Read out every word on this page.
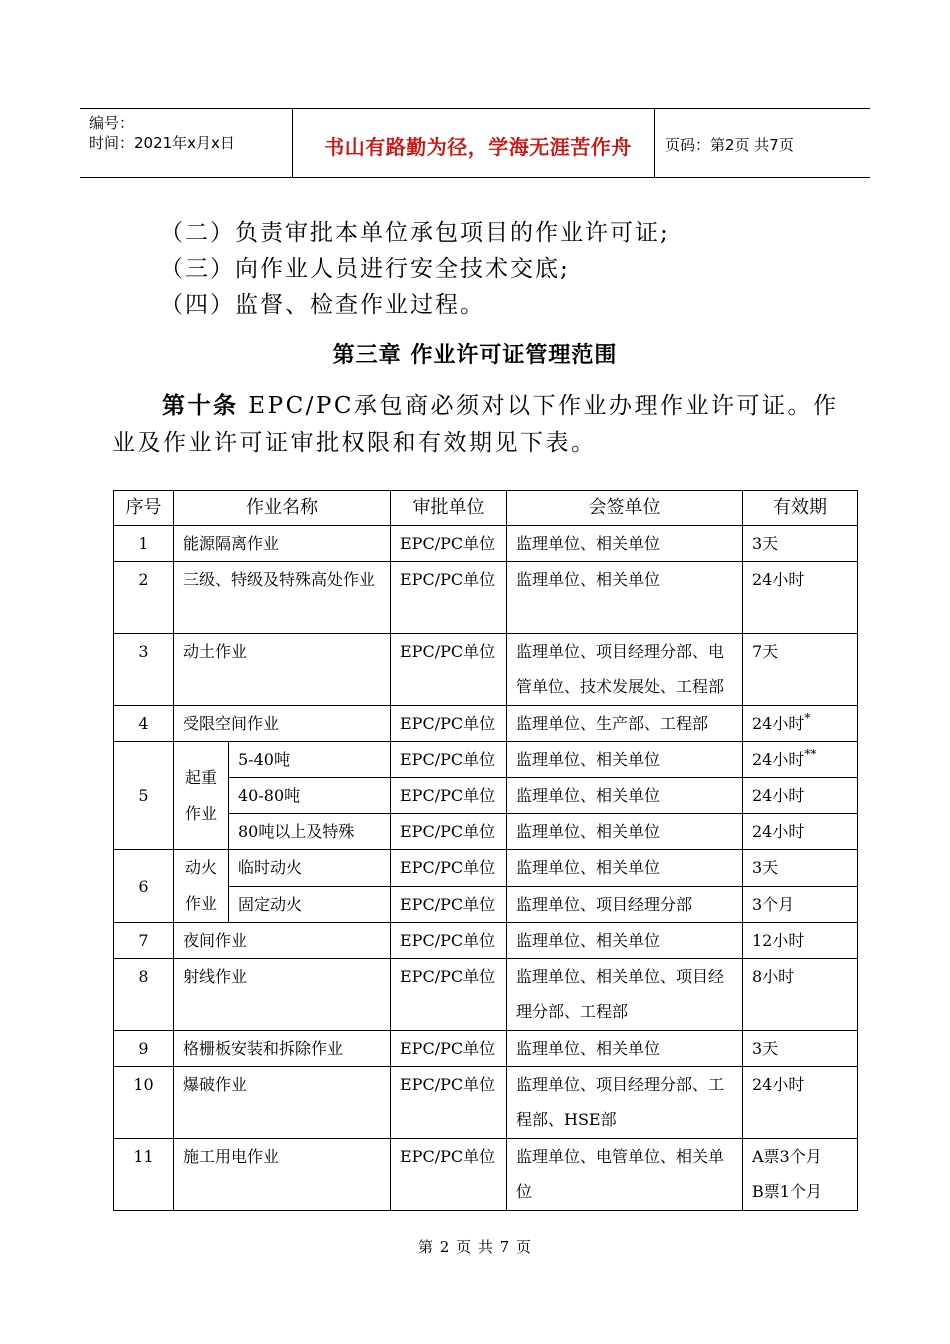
编号：
时间：2021年x月x日	书山有路勤为径，学海无涯苦作舟	页码：第2页 共7页
（二）负责审批本单位承包项目的作业许可证;
（三）向作业人员进行安全技术交底;
（四）监督、检查作业过程。
第三章 作业许可证管理范围
第十条 EPC/PC承包商必须对以下作业办理作业许可证。作业及作业许可证审批权限和有效期见下表。
序号	作业名称		审批单位	会签单位	有效期
1	能源隔离作业		EPC/PC单位	监理单位、相关单位	3天
2	三级、特级及特殊高处作业		EPC/PC单位	监理单位、相关单位	24小时
3	动土作业		EPC/PC单位	监理单位、项目经理分部、电管单位、技术发展处、工程部	7天
4	受限空间作业		EPC/PC单位	监理单位、生产部、工程部	24小时*
5	起重作业	5-40吨	EPC/PC单位	监理单位、相关单位	24小时**
		40-80吨	EPC/PC单位	监理单位、相关单位	24小时
		80吨以上及特殊	EPC/PC单位	监理单位、相关单位	24小时
6	动火作业	临时动火	EPC/PC单位	监理单位、相关单位	3天
		固定动火	EPC/PC单位	监理单位、项目经理分部	3个月
7	夜间作业		EPC/PC单位	监理单位、相关单位	12小时
8	射线作业		EPC/PC单位	监理单位、相关单位、项目经理分部、工程部	8小时
9	格栅板安装和拆除作业		EPC/PC单位	监理单位、相关单位	3天
10	爆破作业		EPC/PC单位	监理单位、项目经理分部、工程部、HSE部	24小时
11	施工用电作业		EPC/PC单位	监理单位、电管单位、相关单位	A票3个月
B票1个月
第 2 页 共 7 页
